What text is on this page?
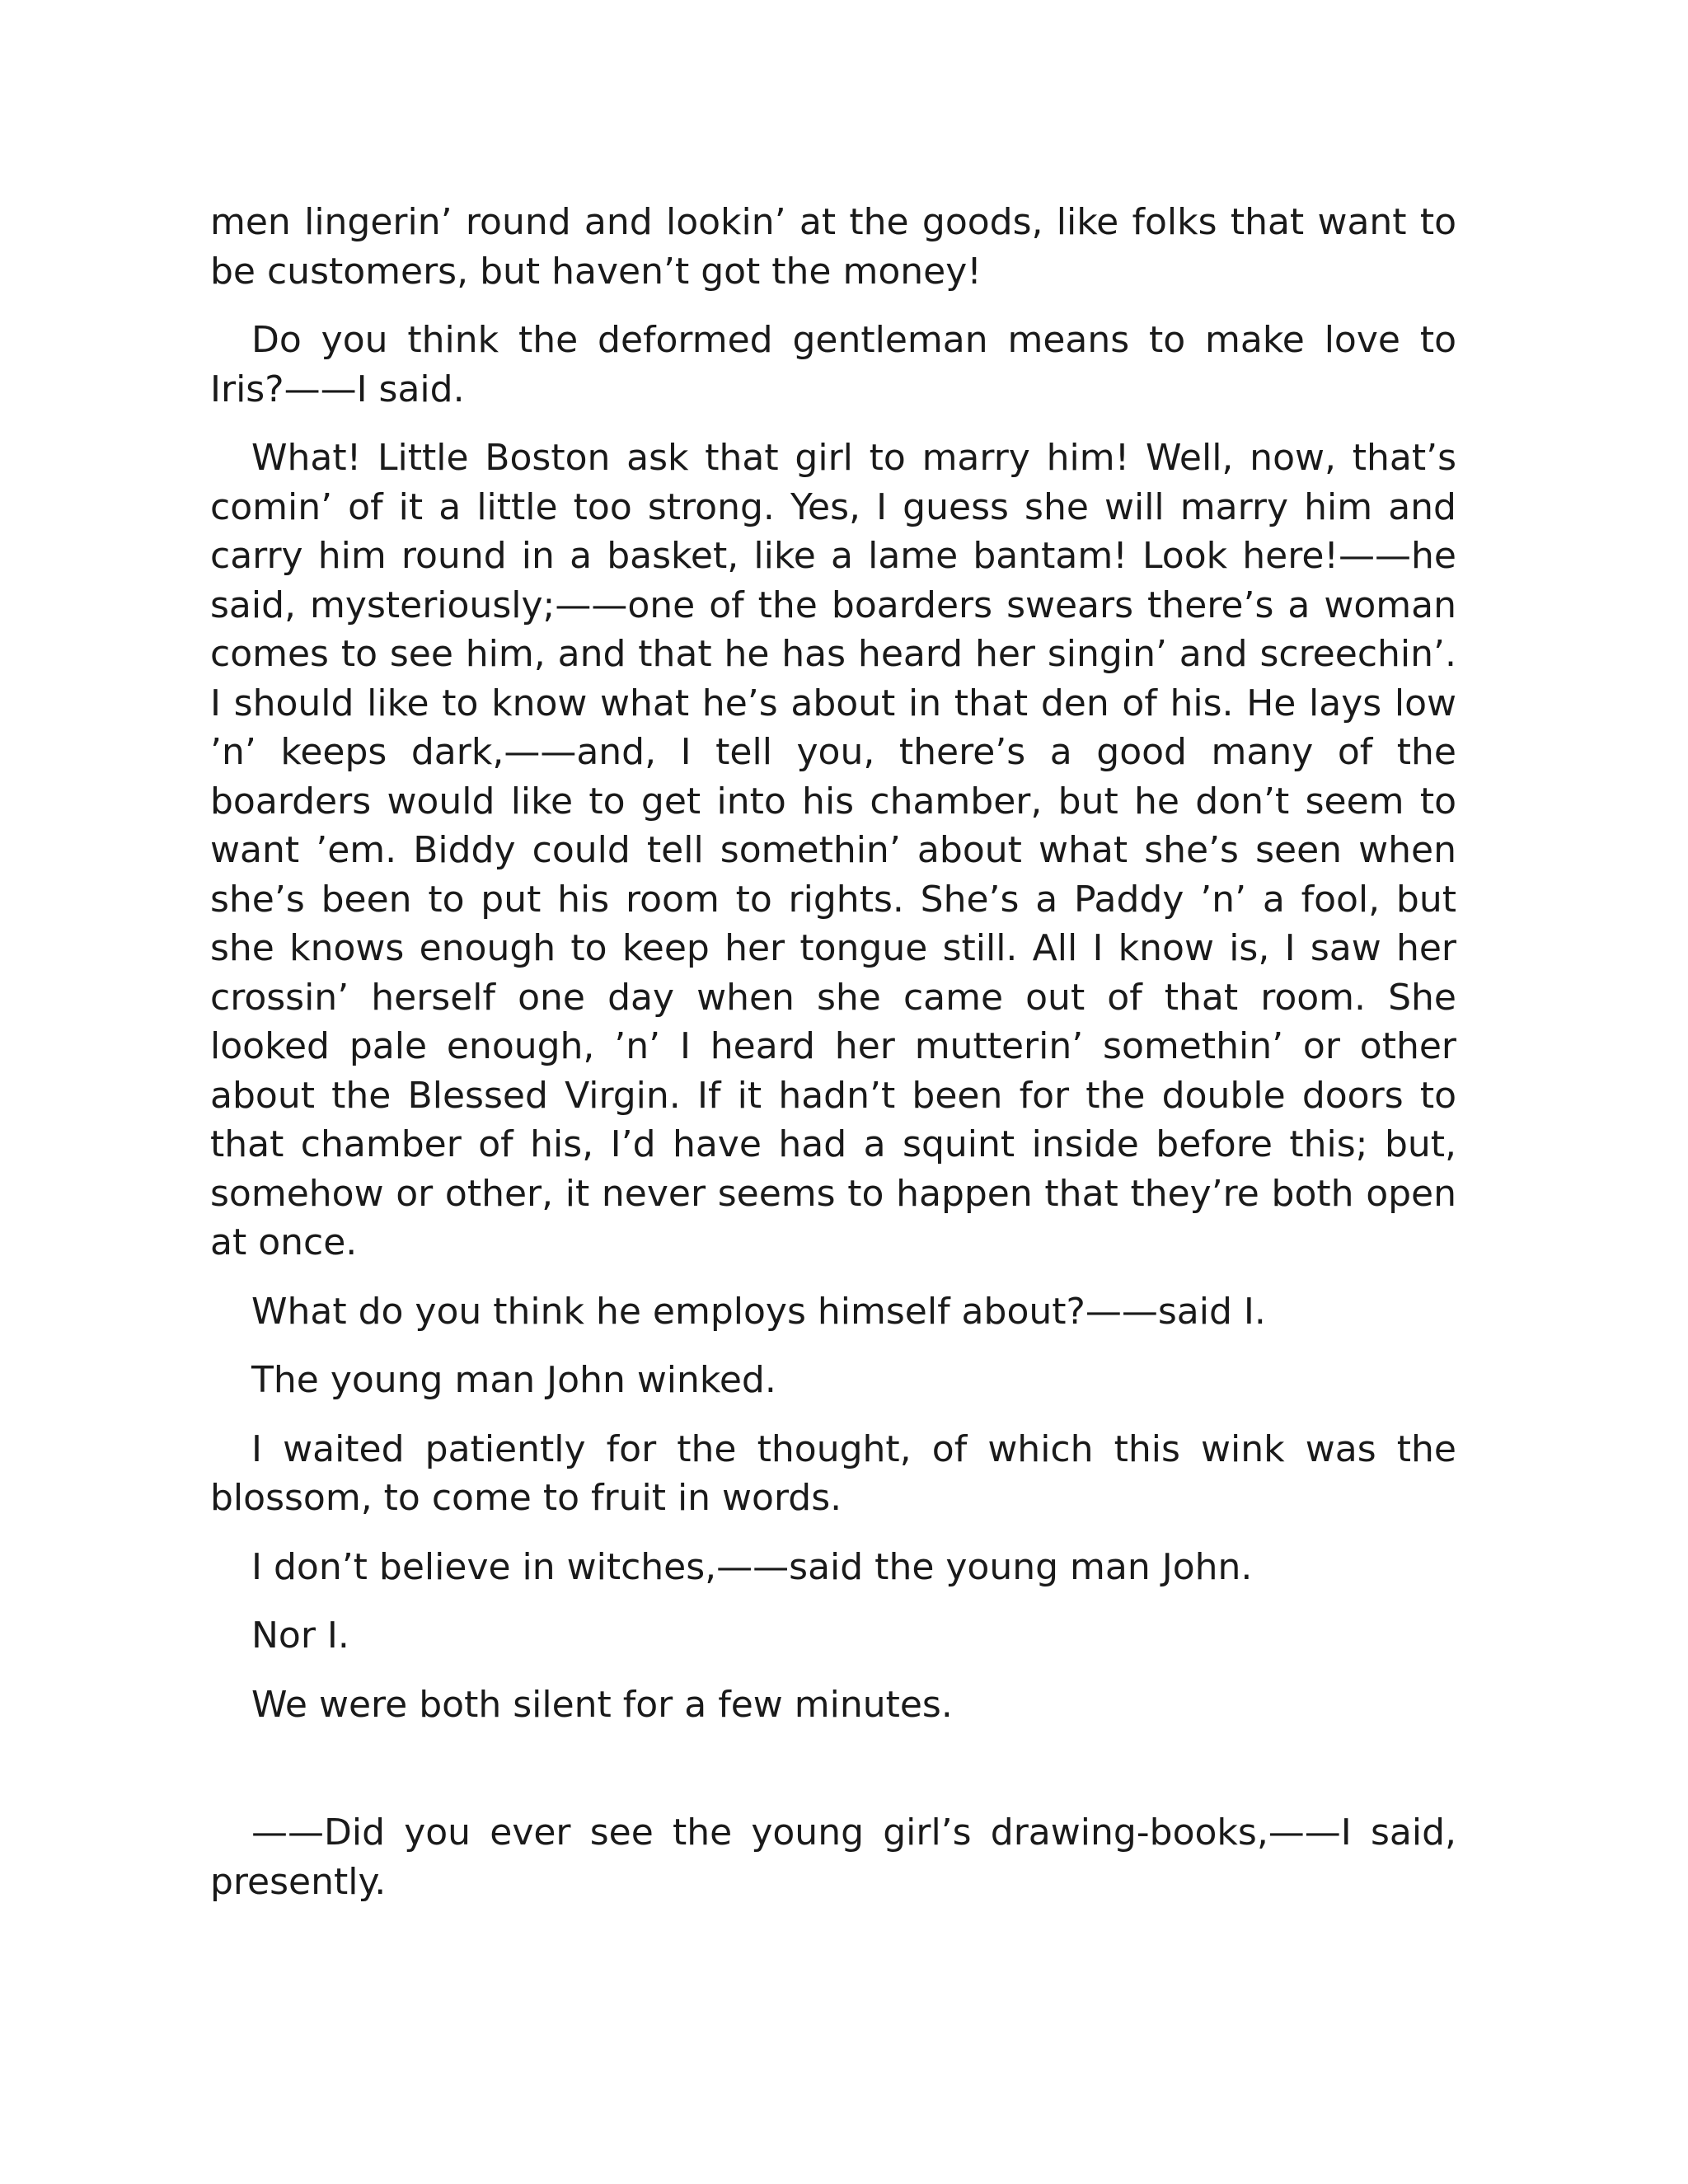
men lingerin’ round and lookin’ at the goods, like folks that want to be customers, but haven’t got the money!

Do you think the deformed gentleman means to make love to Iris?——I said.

What! Little Boston ask that girl to marry him! Well, now, that’s comin’ of it a little too strong. Yes, I guess she will marry him and carry him round in a basket, like a lame bantam! Look here!——he said, mysteriously;——one of the boarders swears there’s a woman comes to see him, and that he has heard her singin’ and screechin’. I should like to know what he’s about in that den of his. He lays low ’n’ keeps dark,——and, I tell you, there’s a good many of the boarders would like to get into his chamber, but he don’t seem to want ’em. Biddy could tell somethin’ about what she’s seen when she’s been to put his room to rights. She’s a Paddy ’n’ a fool, but she knows enough to keep her tongue still. All I know is, I saw her crossin’ herself one day when she came out of that room. She looked pale enough, ’n’ I heard her mutterin’ somethin’ or other about the Blessed Virgin. If it hadn’t been for the double doors to that chamber of his, I’d have had a squint inside before this; but, somehow or other, it never seems to happen that they’re both open at once.

What do you think he employs himself about?——said I.

The young man John winked.

I waited patiently for the thought, of which this wink was the blossom, to come to fruit in words.

I don’t believe in witches,——said the young man John.

Nor I.

We were both silent for a few minutes.

——Did you ever see the young girl’s drawing-books,——I said, presently.
